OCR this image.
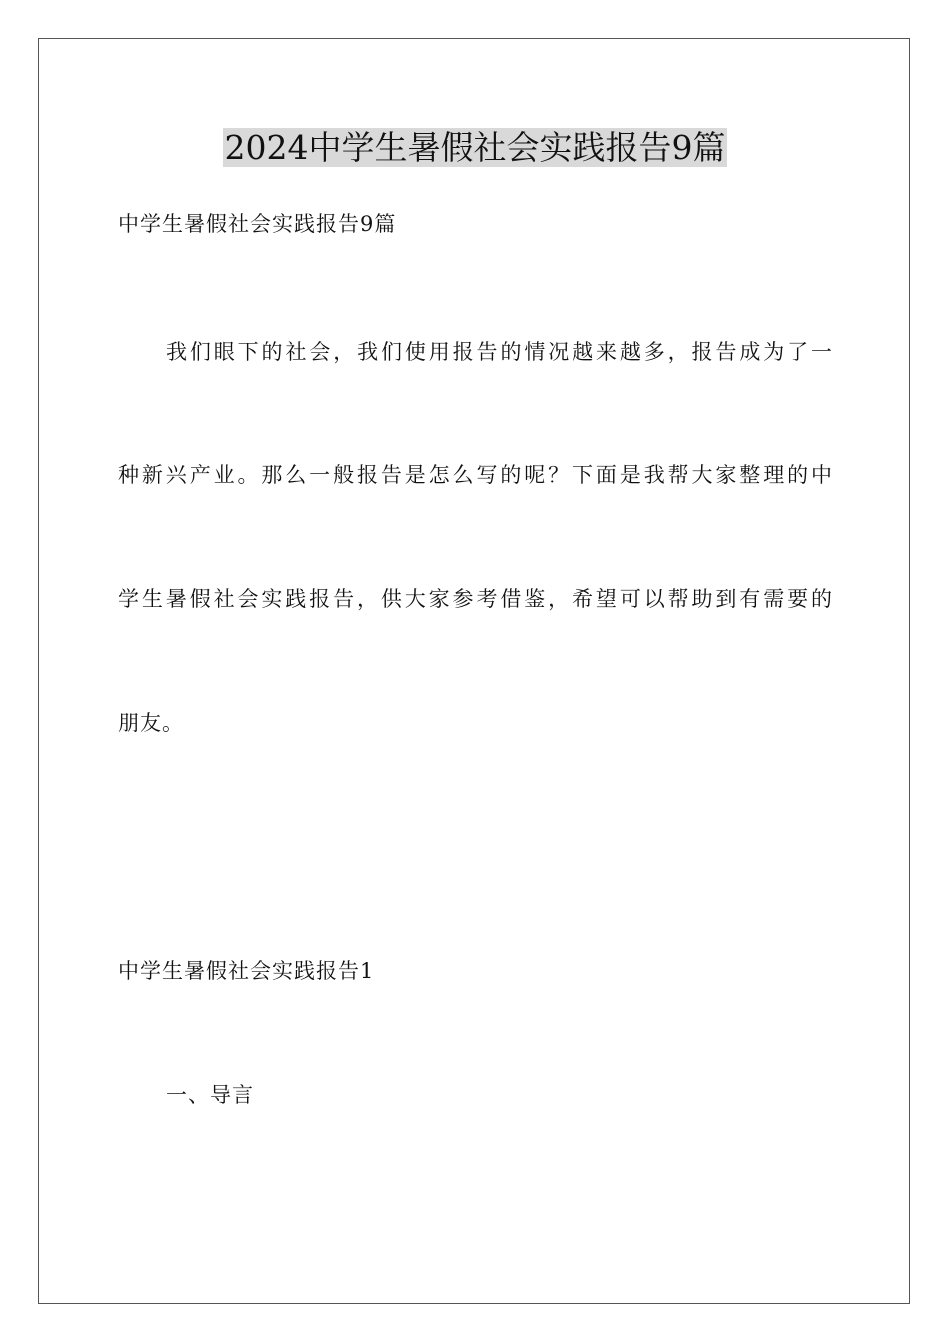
2024中学生暑假社会实践报告9篇
中学生暑假社会实践报告9篇
我们眼下的社会，我们使用报告的情况越来越多，报告成为了一
种新兴产业。那么一般报告是怎么写的呢？下面是我帮大家整理的中
学生暑假社会实践报告，供大家参考借鉴，希望可以帮助到有需要的
朋友。
中学生暑假社会实践报告1
一、导言
